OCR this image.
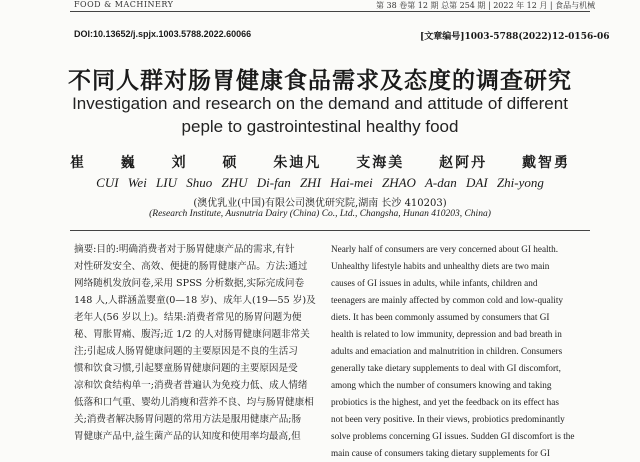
FOOD & MACHINERY	第 38 卷第 12 期 总第 254 期 | 2022 年 12 月 | 食品与机械
DOI:10.13652/j.spjx.1003.5788.2022.60066	[文章编号]1003-5788(2022)12-0156-06
不同人群对肠胃健康食品需求及态度的调查研究
Investigation and research on the demand and attitude of different
peple to gastrointestinal healthy food
崔 巍 刘 硕 朱迪凡 支海美 赵阿丹 戴智勇
CUI Wei LIU Shuo ZHU Di-fan ZHI Hai-mei ZHAO A-dan DAI Zhi-yong
(澳优乳业(中国)有限公司澳优研究院,湖南 长沙 410203)
(Research Institute, Ausnutria Dairy (China) Co., Ltd., Changsha, Hunan 410203, China)
摘要:目的:明确消费者对于肠胃健康产品的需求,有针
对性研发安全、高效、便捷的肠胃健康产品。方法:通过
网络随机发放问卷,采用 SPSS 分析数据,实际完成问卷
148 人,人群涵盖婴童(0—18 岁)、成年人(19—55 岁)及
老年人(56 岁以上)。结果:消费者常见的肠胃问题为便
秘、胃胀胃痛、腹泻;近 1/2 的人对肠胃健康问题非常关
注;引起成人肠胃健康问题的主要原因是不良的生活习
惯和饮食习惯,引起婴童肠胃健康问题的主要原因是受
凉和饮食结构单一;消费者普遍认为免疫力低、成人情绪
低落和口气重、婴幼儿消瘦和营养不良、均与肠胃健康相
关;消费者解决肠胃问题的常用方法是服用健康产品;肠
胃健康产品中,益生菌产品的认知度和使用率均最高,但
Nearly half of consumers are very concerned about GI health.
Unhealthy lifestyle habits and unhealthy diets are two main
causes of GI issues in adults, while infants, children and
teenagers are mainly affected by common cold and low-quality
diets. It has been commonly assumed by consumers that GI
health is related to low immunity, depression and bad breath in
adults and emaciation and malnutrition in children. Consumers
generally take dietary supplements to deal with GI discomfort,
among which the number of consumers knowing and taking
probiotics is the highest, and yet the feedback on its effect has
not been very positive. In their views, probiotics predominantly
solve problems concerning GI issues. Sudden GI discomfort is the
main cause of consumers taking dietary supplements for GI
